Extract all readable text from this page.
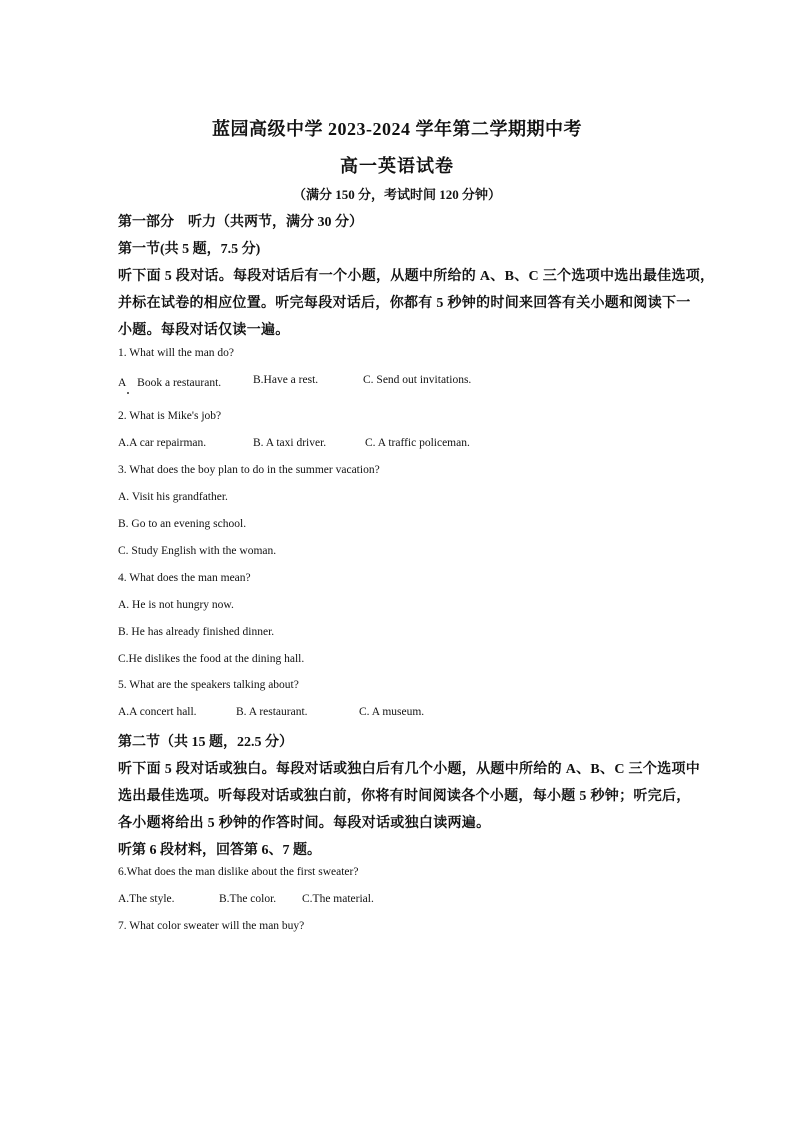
蓝园高级中学 2023-2024 学年第二学期期中考
高一英语试卷
（满分 150 分，考试时间 120 分钟）
第一部分　听力（共两节，满分 30 分）
第一节(共 5 题，7.5 分)
听下面 5 段对话。每段对话后有一个小题，从题中所给的 A、B、C 三个选项中选出最佳选项，
并标在试卷的相应位置。听完每段对话后，你都有 5 秒钟的时间来回答有关小题和阅读下一
小题。每段对话仅读一遍。
1. What will the man do?
A　Book a restaurant.	B.Have a rest.	C. Send out invitations.
2. What is Mike's job?
A.A car repairman.	B. A taxi driver.	C. A traffic policeman.
3. What does the boy plan to do in the summer vacation?
A. Visit his grandfather.
B. Go to an evening school.
C. Study English with the woman.
4. What does the man mean?
A. He is not hungry now.
B. He has already finished dinner.
C.He dislikes the food at the dining hall.
5. What are the speakers talking about?
A.A concert hall.	B. A restaurant.	C. A museum.
第二节（共 15 题，22.5 分）
听下面 5 段对话或独白。每段对话或独白后有几个小题，从题中所给的 A、B、C 三个选项中
选出最佳选项。听每段对话或独白前，你将有时间阅读各个小题，每小题 5 秒钟；听完后，
各小题将给出 5 秒钟的作答时间。每段对话或独白读两遍。
听第 6 段材料，回答第 6、7 题。
6.What does the man dislike about the first sweater?
A.The style.	B.The color. C.The material.
7. What color sweater will the man buy?
